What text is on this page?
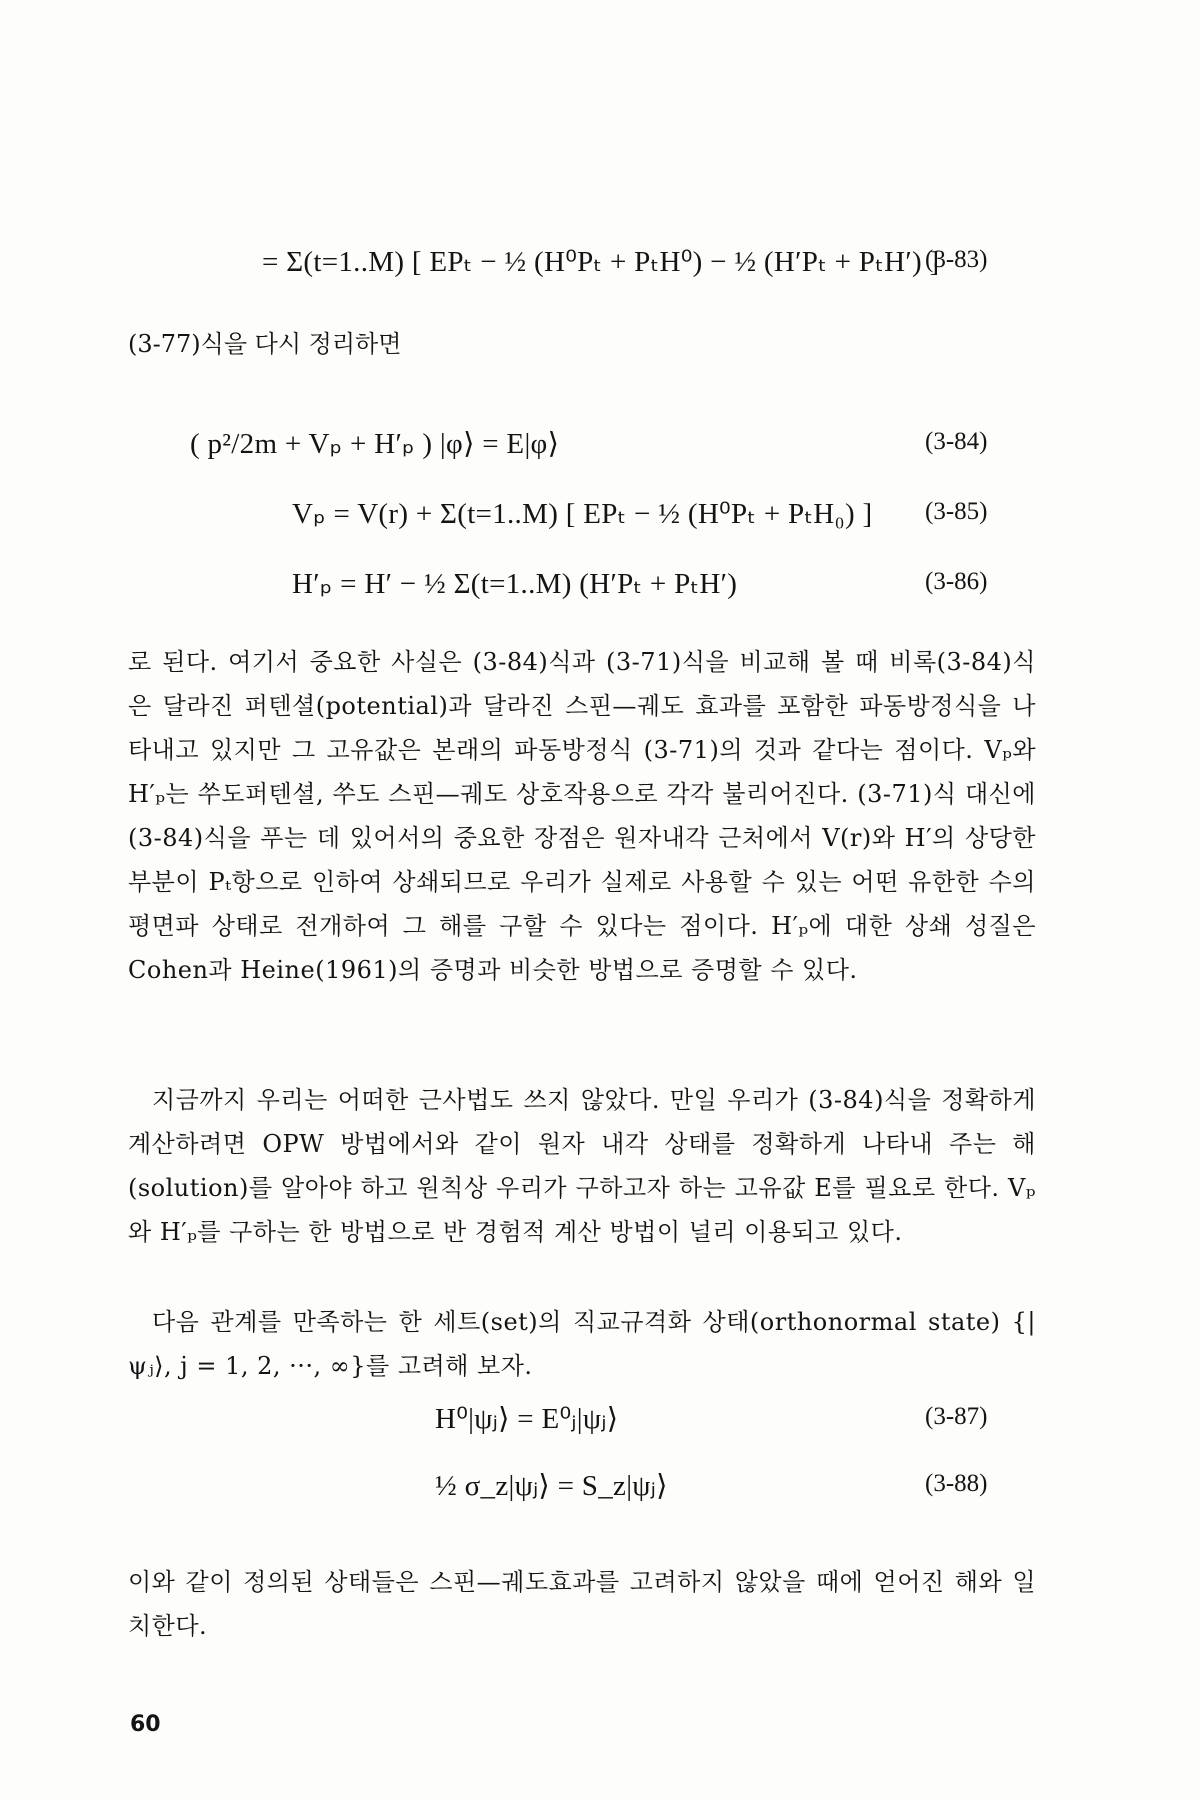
= Σ(t=1..M) [ EPₜ − ½ (H⁰Pₜ + PₜH⁰) − ½ (H′Pₜ + PₜH′) ]
(3-83)
(3-77)식을 다시 정리하면
( p²/2m + Vₚ + H′ₚ ) |φ⟩ = E|φ⟩	(3-84)
Vₚ = V(r) + Σ(t=1..M) [ EPₜ − ½ (H⁰Pₜ + PₜH₀) ] (3-85)
H′ₚ = H′ − ½ Σ(t=1..M) (H′Pₜ + PₜH′)	(3-86)
로 된다. 여기서 중요한 사실은 (3-84)식과 (3-71)식을 비교해 볼 때 비록(3-84)식은 달라진 퍼텐셜(potential)과 달라진 스핀—궤도 효과를 포함한 파동방정식을 나타내고 있지만 그 고유값은 본래의 파동방정식 (3-71)의 것과 같다는 점이다. Vₚ와 H′ₚ는 쑤도퍼텐셜, 쑤도 스핀—궤도 상호작용으로 각각 불리어진다. (3-71)식 대신에 (3-84)식을 푸는 데 있어서의 중요한 장점은 원자내각 근처에서 V(r)와 H′의 상당한 부분이 Pₜ항으로 인하여 상쇄되므로 우리가 실제로 사용할 수 있는 어떤 유한한 수의 평면파 상태로 전개하여 그 해를 구할 수 있다는 점이다. H′ₚ에 대한 상쇄 성질은 Cohen과 Heine(1961)의 증명과 비슷한 방법으로 증명할 수 있다.
지금까지 우리는 어떠한 근사법도 쓰지 않았다. 만일 우리가 (3-84)식을 정확하게 계산하려면 OPW 방법에서와 같이 원자 내각 상태를 정확하게 나타내 주는 해(solution)를 알아야 하고 원칙상 우리가 구하고자 하는 고유값 E를 필요로 한다. Vₚ와 H′ₚ를 구하는 한 방법으로 반 경험적 계산 방법이 널리 이용되고 있다.
다음 관계를 만족하는 한 세트(set)의 직교규격화 상태(orthonormal state) {|ψⱼ⟩, j = 1, 2, ···, ∞}를 고려해 보자.
H⁰|ψⱼ⟩ = E⁰ⱼ|ψⱼ⟩	(3-87)
½ σ_z|ψⱼ⟩ = S_z|ψⱼ⟩	(3-88)
이와 같이 정의된 상태들은 스핀—궤도효과를 고려하지 않았을 때에 얻어진 해와 일치한다.
60
